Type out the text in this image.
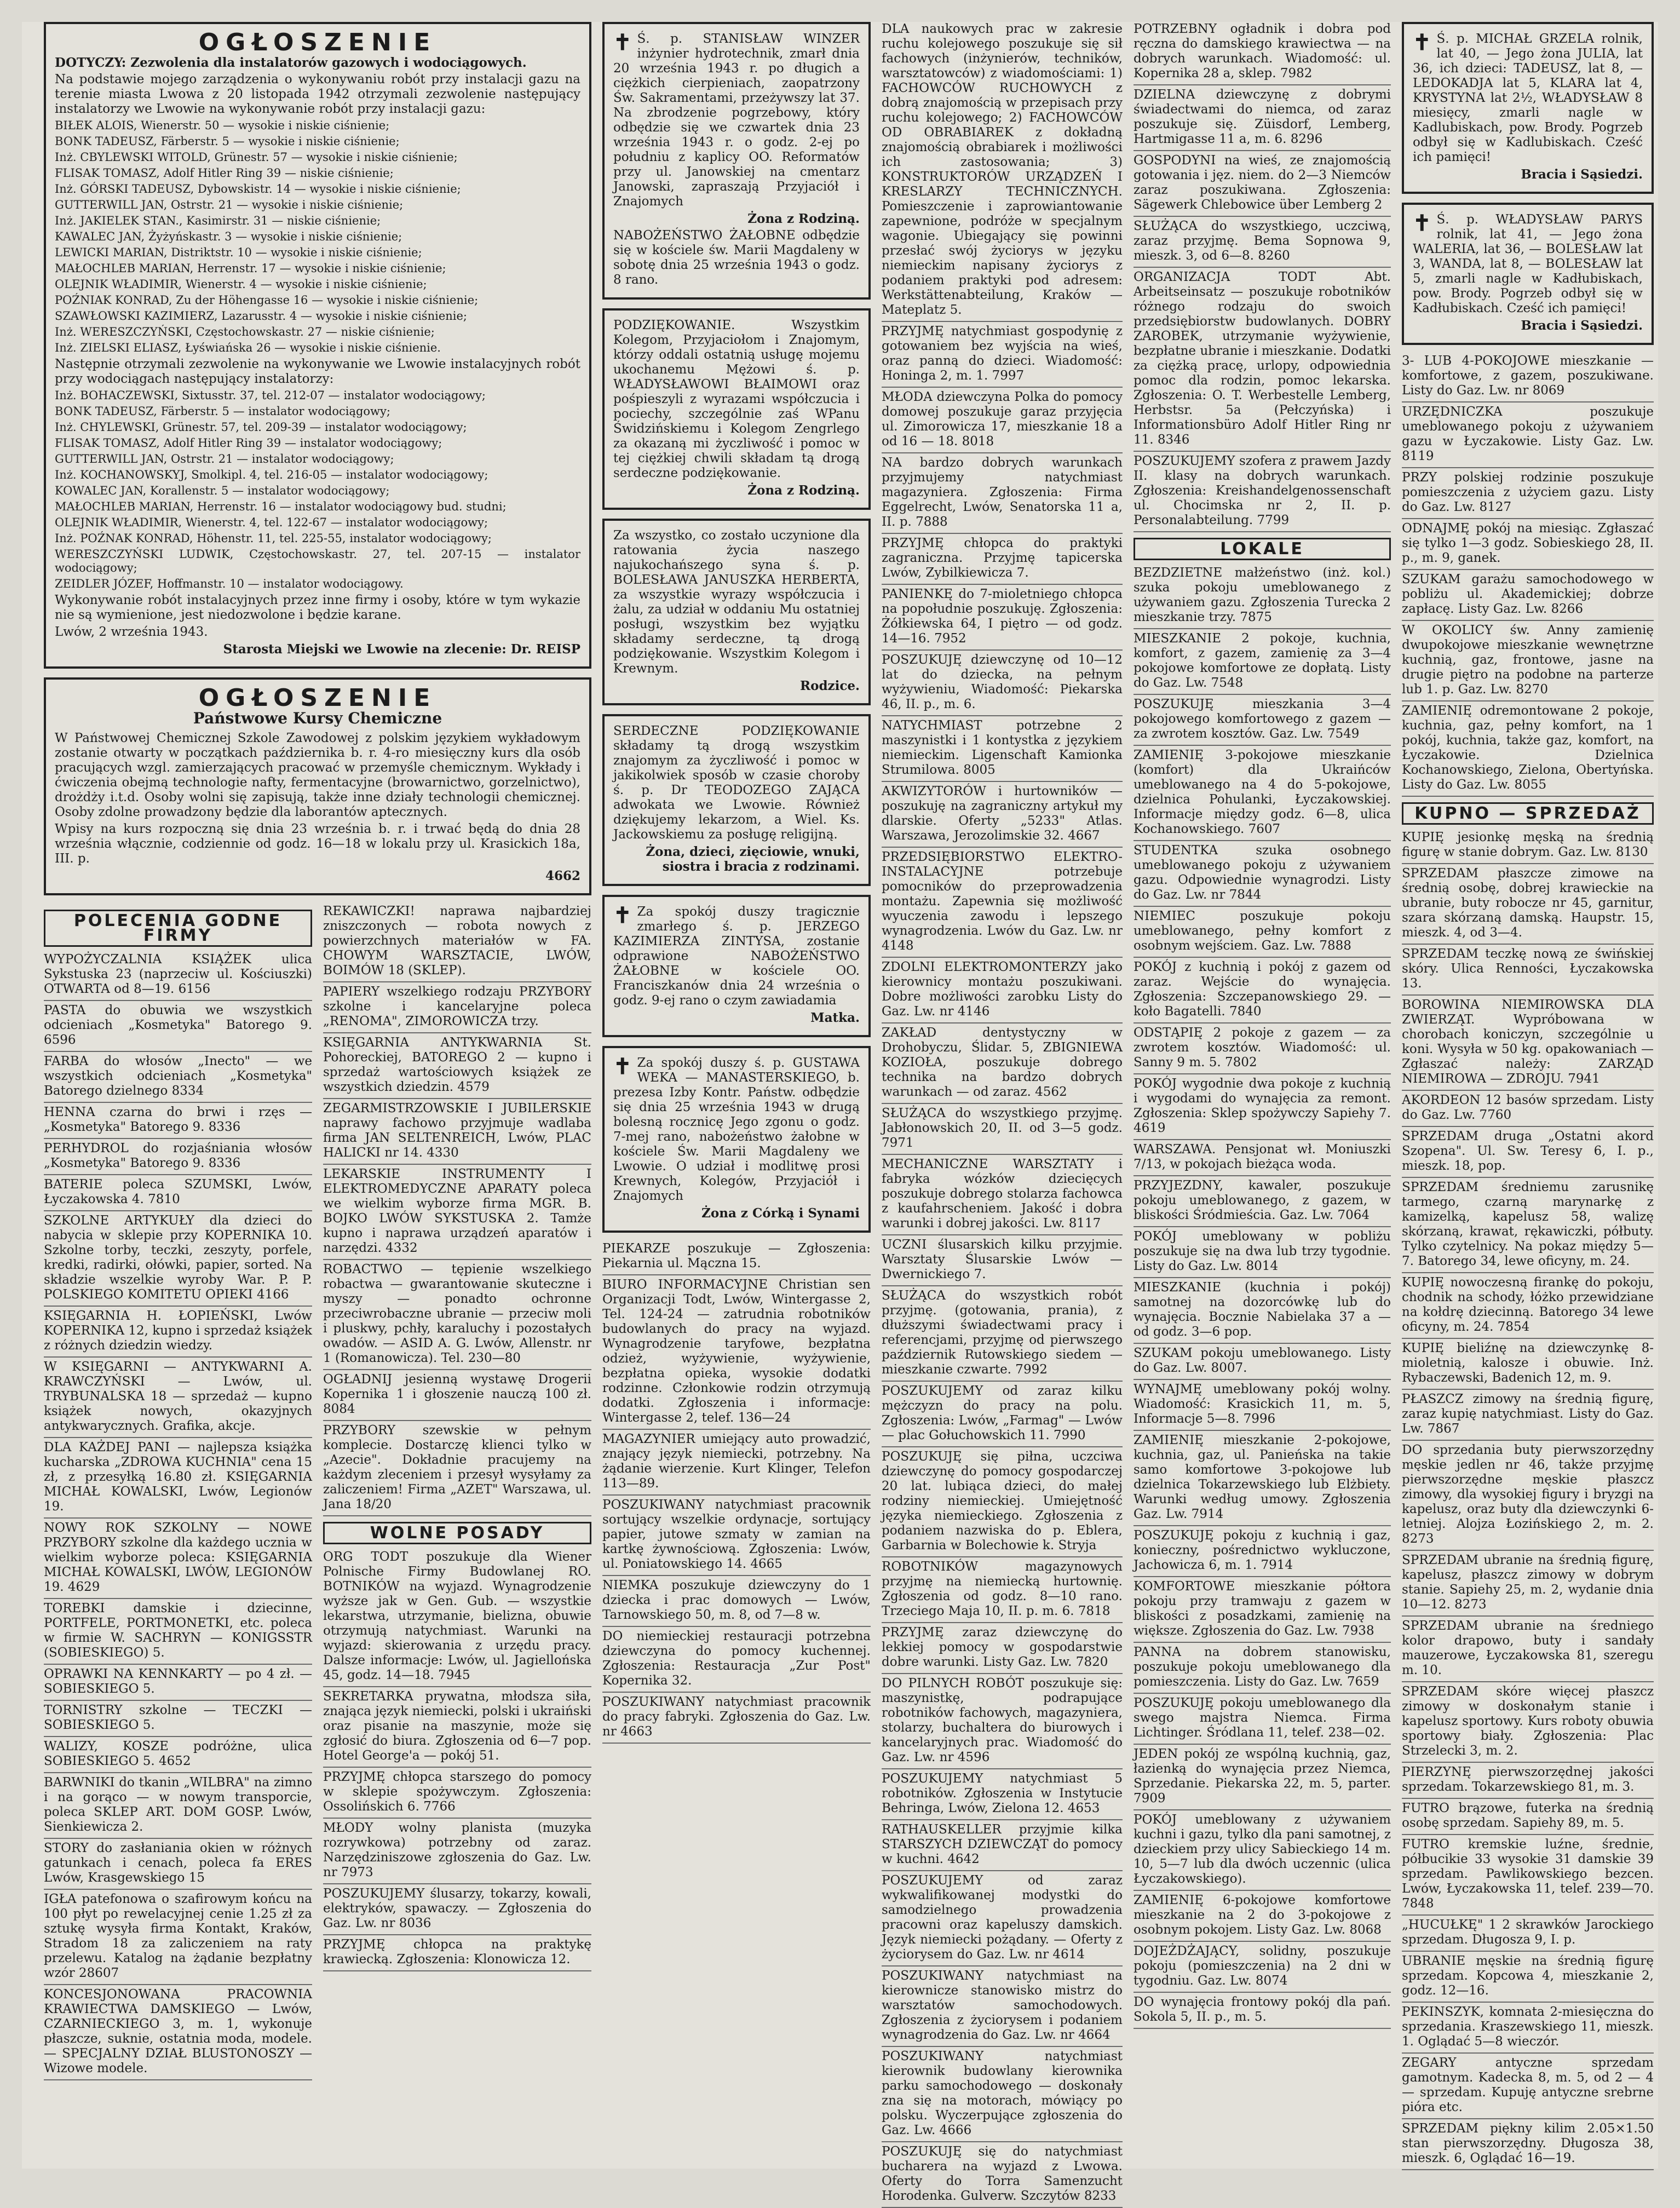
OGŁOSZENIE

DOTYCZY: Zezwolenia dla instalatorów gazowych i wodociągowych.

Na podstawie mojego zarządzenia o wykonywaniu robót przy instalacji gazu na terenie miasta Lwowa z 20 listopada 1942 otrzymali zezwolenie następujący instalatorzy we Lwowie na wykonywanie robót przy instalacji gazu:

BIŁEK ALOIS, Wienerstr. 50 — wysokie i niskie ciśnienie;

BONK TADEUSZ, Färberstr. 5 — wysokie i niskie ciśnienie;

Inż. CBYLEWSKI WITOLD, Grünestr. 57 — wysokie i niskie ciśnienie;

FLISAK TOMASZ, Adolf Hitler Ring 39 — niskie ciśnienie;

Inż. GÓRSKI TADEUSZ, Dybowskistr. 14 — wysokie i niskie ciśnienie;

GUTTERWILL JAN, Ostrstr. 21 — wysokie i niskie ciśnienie;

Inż. JAKIELEK STAN., Kasimirstr. 31 — niskie ciśnienie;

KAWALEC JAN, Żyżyńskastr. 3 — wysokie i niskie ciśnienie;

LEWICKI MARIAN, Distriktstr. 10 — wysokie i niskie ciśnienie;

MAŁOCHLEB MARIAN, Herrenstr. 17 — wysokie i niskie ciśnienie;

OLEJNIK WŁADIMIR, Wienerstr. 4 — wysokie i niskie ciśnienie;

POŹNIAK KONRAD, Zu der Höhengasse 16 — wysokie i niskie ciśnienie;

SZAWŁOWSKI KAZIMIERZ, Lazarusstr. 4 — wysokie i niskie ciśnienie;

Inż. WERESZCZYŃSKI, Częstochowskastr. 27 — niskie ciśnienie;

Inż. ZIELSKI ELIASZ, Łyświańska 26 — wysokie i niskie ciśnienie.

Następnie otrzymali zezwolenie na wykonywanie we Lwowie instalacyjnych robót przy wodociągach następujący instalatorzy:

Inż. BOHACZEWSKI, Sixtusstr. 37, tel. 212-07 — instalator wodociągowy;

BONK TADEUSZ, Färberstr. 5 — instalator wodociągowy;

Inż. CHYLEWSKI, Grünestr. 57, tel. 209-39 — instalator wodociągowy;

FLISAK TOMASZ, Adolf Hitler Ring 39 — instalator wodociągowy;

GUTTERWILL JAN, Ostrstr. 21 — instalator wodociągowy;

Inż. KOCHANOWSKYJ, Smolkipl. 4, tel. 216-05 — instalator wodociągowy;

KOWALEC JAN, Korallenstr. 5 — instalator wodociągowy;

MAŁOCHLEB MARIAN, Herrenstr. 16 — instalator wodociągowy bud. studni;

OLEJNIK WŁADIMIR, Wienerstr. 4, tel. 122-67 — instalator wodociągowy;

Inż. POŹNAK KONRAD, Höhenstr. 11, tel. 225-55, instalator wodociągowy;

WERESZCZYŃSKI LUDWIK, Częstochowskastr. 27, tel. 207-15 — instalator wodociągowy;

ZEIDLER JÓZEF, Hoffmanstr. 10 — instalator wodociągowy.

Wykonywanie robót instalacyjnych przez inne firmy i osoby, które w tym wykazie nie są wymienione, jest niedozwolone i będzie karane.

Lwów, 2 września 1943.

Starosta Miejski we Lwowie na zlecenie: Dr. REISP

OGŁOSZENIE
Państwowe Kursy Chemiczne

W Państwowej Chemicznej Szkole Zawodowej z polskim językiem wykładowym zostanie otwarty w początkach października b. r. 4-ro miesięczny kurs dla osób pracujących wzgl. zamierzających pracować w przemyśle chemicznym. Wykłady i ćwiczenia obejmą technologie nafty, fermentacyjne (browarnictwo, gorzelnictwo), drożdży i.t.d. Osoby wolni się zapisują, także inne działy technologii chemicznej. Osoby zdolne prowadzony będzie dla laborantów aptecznych.

Wpisy na kurs rozpoczną się dnia 23 września b. r. i trwać będą do dnia 28 września włącznie, codziennie od godz. 16—18 w lokalu przy ul. Krasickich 18a, III. p.

4662

POLECENIA GODNE FIRMY

WYPOŻYCZALNIA KSIĄŻEK ulica Sykstuska 23 (naprzeciw ul. Kościuszki) OTWARTA od 8—19. 6156

PASTA do obuwia we wszystkich odcieniach „Kosmetyka" Batorego 9. 6596

FARBA do włosów „Inecto" — we wszystkich odcieniach „Kosmetyka" Batorego dzielnego 8334

HENNA czarna do brwi i rzęs — „Kosmetyka" Batorego 9. 8336

PERHYDROL do rozjaśniania włosów „Kosmetyka" Batorego 9. 8336

BATERIE poleca SZUMSKI, Lwów, Łyczakowska 4. 7810

SZKOLNE ARTYKUŁY dla dzieci do nabycia w sklepie przy KOPERNIKA 10. Szkolne torby, teczki, zeszyty, porfele, kredki, radirki, ołówki, papier, sorted. Na składzie wszelkie wyroby War. P. P. POLSKIEGO KOMITETU OPIEKI 4166

KSIĘGARNIA H. ŁOPIEŃSKI, Lwów KOPERNIKA 12, kupno i sprzedaż książek z różnych dziedzin wiedzy.

W KSIĘGARNI — ANTYKWARNI A. KRAWCZYŃSKI — Lwów, ul. TRYBUNALSKA 18 — sprzedaż — kupno książek nowych, okazyjnych antykwarycznych. Grafika, akcje.

DLA KAŻDEJ PANI — najlepsza książka kucharska „ZDROWA KUCHNIA" cena 15 zł, z przesyłką 16.80 zł. KSIĘGARNIA MICHAŁ KOWALSKI, Lwów, Legionów 19.

NOWY ROK SZKOLNY — NOWE PRZYBORY szkolne dla każdego ucznia w wielkim wyborze poleca: KSIĘGARNIA MICHAŁ KOWALSKI, LWÓW, LEGIONÓW 19. 4629

TOREBKI damskie i dziecinne, PORTFELE, PORTMONETKI, etc. poleca w firmie W. SACHRYN — KONIGSSTR (SOBIESKIEGO) 5.

OPRAWKI NA KENNKARTY — po 4 zł. — SOBIESKIEGO 5.

TORNISTRY szkolne — TECZKI — SOBIESKIEGO 5.

WALIZY, KOSZE podróżne, ulica SOBIESKIEGO 5. 4652

BARWNIKI do tkanin „WILBRA" na zimno i na gorąco — w nowym transporcie, poleca SKLEP ART. DOM GOSP. Lwów, Sienkiewicza 2.

STORY do zasłaniania okien w różnych gatunkach i cenach, poleca fa ERES Lwów, Krasgewskiego 15

IGŁA patefonowa o szafirowym końcu na 100 płyt po rewelacyjnej cenie 1.25 zł za sztukę wysyła firma Kontakt, Kraków, Stradom 18 za zaliczeniem na raty przelewu. Katalog na żądanie bezpłatny wzór 28607

KONCESJONOWANA PRACOWNIA KRAWIECTWA DAMSKIEGO — Lwów, CZARNIECKIEGO 3, m. 1, wykonuje płaszcze, suknie, ostatnia moda, modele. — SPECJALNY DZIAŁ BLUSTONOSZY — Wizowe modele.

REKAWICZKI! naprawa najbardziej zniszczonych — robota nowych z powierzchnych materiałów w FA. CHOWYM WARSZTACIE, LWÓW, BOIMÓW 18 (SKLEP).

PAPIERY wszelkiego rodzaju PRZYBORY szkolne i kancelaryjne poleca „RENOMA", ZIMOROWICZA trzy.

KSIĘGARNIA ANTYKWARNIA St. Pohoreckiej, BATOREGO 2 — kupno i sprzedaż wartościowych książek ze wszystkich dziedzin. 4579

ZEGARMISTRZOWSKIE I JUBILERSKIE naprawy fachowo przyjmuje wadlaba firma JAN SELTENREICH, Lwów, PLAC HALICKI nr 14. 4330

LEKARSKIE INSTRUMENTY I ELEKTROMEDYCZNE APARATY poleca we wielkim wyborze firma MGR. B. BOJKO LWÓW SYKSTUSKA 2. Tamże kupno i naprawa urządzeń aparatów i narzędzi. 4332

ROBACTWO — tępienie wszelkiego robactwa — gwarantowanie skuteczne i myszy — ponadto ochronne przeciwrobaczne ubranie — przeciw moli i pluskwy, pchły, karaluchy i pozostałych owadów. — ASID A. G. Lwów, Allenstr. nr 1 (Romanowicza). Tel. 230—80

OGŁADNIJ jesienną wystawę Drogerii Kopernika 1 i głoszenie nauczą 100 zł. 8084

PRZYBORY szewskie w pełnym komplecie. Dostarczę klienci tylko w „Azecie". Dokładnie pracujemy na każdym zleceniem i przesył wysyłamy za zaliczeniem! Firma „AZET" Warszawa, ul. Jana 18/20

WOLNE POSADY

ORG TODT poszukuje dla Wiener Polnische Firmy Budowlanej RO. BOTNIKÓW na wyjazd. Wynagrodzenie wyższe jak w Gen. Gub. — wszystkie lekarstwa, utrzymanie, bielizna, obuwie otrzymują natychmiast. Warunki na wyjazd: skierowania z urzędu pracy. Dalsze informacje: Lwów, ul. Jagiellońska 45, godz. 14—18. 7945

SEKRETARKA prywatna, młodsza siła, znająca język niemiecki, polski i ukraiński oraz pisanie na maszynie, może się zgłosić do biura. Zgłoszenia od 6—7 pop. Hotel George'a — pokój 51.

PRZYJMĘ chłopca starszego do pomocy w sklepie spożywczym. Zgłoszenia: Ossolińskich 6. 7766

MŁODY wolny planista (muzyka rozrywkowa) potrzebny od zaraz. Narzędziniszowe zgłoszenia do Gaz. Lw. nr 7973

POSZUKUJEMY ślusarzy, tokarzy, kowali, elektryków, spawaczy. — Zgłoszenia do Gaz. Lw. nr 8036

PRZYJMĘ chłopca na praktykę krawiecką. Zgłoszenia: Klonowicza 12.

✝ Ś. p. STANISŁAW WINZER inżynier hydrotechnik, zmarł dnia 20 września 1943 r. po długich a ciężkich cierpieniach, zaopatrzony Św. Sakramentami, przeżywszy lat 37. Na zbrodzenie pogrzebowy, który odbędzie się we czwartek dnia 23 września 1943 r. o godz. 2-ej po południu z kaplicy OO. Reformatów przy ul. Janowskiej na cmentarz Janowski, zapraszają Przyjaciół i Znajomych

Żona z Rodziną.

NABOŻEŃSTWO ŻAŁOBNE odbędzie się w kościele św. Marii Magdaleny w sobotę dnia 25 września 1943 o godz. 8 rano.

PODZIĘKOWANIE. Wszystkim Kolegom, Przyjaciołom i Znajomym, którzy oddali ostatnią usługę mojemu ukochanemu Mężowi ś. p. WŁADYSŁAWOWI BŁAIMOWI oraz pośpieszyli z wyrazami współczucia i pociechy, szczególnie zaś WPanu Świdzińskiemu i Kolegom Zengrlego za okazaną mi życzliwość i pomoc w tej ciężkiej chwili składam tą drogą serdeczne podziękowanie.

Żona z Rodziną.

Za wszystko, co zostało uczynione dla ratowania życia naszego najukochańszego syna ś. p. BOLESŁAWA JANUSZKA HERBERTA, za wszystkie wyrazy współczucia i żalu, za udział w oddaniu Mu ostatniej posługi, wszystkim bez wyjątku składamy serdeczne, tą drogą podziękowanie. Wszystkim Kolegom i Krewnym.

Rodzice.

SERDECZNE PODZIĘKOWANIE składamy tą drogą wszystkim znajomym za życzliwość i pomoc w jakikolwiek sposób w czasie choroby ś. p. Dr TEODOZEGO ZAJĄCA adwokata we Lwowie. Również dziękujemy lekarzom, a Wiel. Ks. Jackowskiemu za posługę religijną.

Żona, dzieci, zięciowie, wnuki, siostra i bracia z rodzinami.

✝ Za spokój duszy tragicznie zmarłego ś. p. JERZEGO KAZIMIERZA ZINTYSA, zostanie odprawione NABOŻEŃSTWO ŻAŁOBNE w kościele OO. Franciszkanów dnia 24 września o godz. 9-ej rano o czym zawiadamia

Matka.

✝ Za spokój duszy ś. p. GUSTAWA WEKA — MANASTERSKIEGO, b. prezesa Izby Kontr. Państw. odbędzie się dnia 25 września 1943 w drugą bolesną rocznicę Jego zgonu o godz. 7-mej rano, nabożeństwo żałobne w kościele Św. Marii Magdaleny we Lwowie. O udział i modlitwę prosi Krewnych, Kolegów, Przyjaciół i Znajomych

Żona z Córką i Synami

PIEKARZE poszukuje — Zgłoszenia: Piekarnia ul. Mączna 15.

BIURO INFORMACYJNE Christian sen Organizacji Todt, Lwów, Wintergasse 2, Tel. 124-24 — zatrudnia robotników budowlanych do pracy na wyjazd. Wynagrodzenie taryfowe, bezpłatna odzież, wyżywienie, wyżywienie, bezpłatna opieka, wysokie dodatki rodzinne. Członkowie rodzin otrzymują dodatki. Zgłoszenia i informacje: Wintergasse 2, telef. 136—24

MAGAZYNIER umiejący auto prowadzić, znający język niemiecki, potrzebny. Na żądanie wierzenie. Kurt Klinger, Telefon 113—89.

POSZUKIWANY natychmiast pracownik sortujący wszelkie ordynacje, sortujący papier, jutowe szmaty w zamian na kartkę żywnościową. Zgłoszenia: Lwów, ul. Poniatowskiego 14. 4665

NIEMKA poszukuje dziewczyny do 1 dziecka i prac domowych — Lwów, Tarnowskiego 50, m. 8, od 7—8 w.

DO niemieckiej restauracji potrzebna dziewczyna do pomocy kuchennej. Zgłoszenia: Restauracja „Zur Post" Kopernika 32.

POSZUKIWANY natychmiast pracownik do pracy fabryki. Zgłoszenia do Gaz. Lw. nr 4663

DLA naukowych prac w zakresie ruchu kolejowego poszukuje się sił fachowych (inżynierów, techników, warsztatowców) z wiadomościami: 1) FACHOWCÓW RUCHOWYCH z dobrą znajomością w przepisach przy ruchu kolejowego; 2) FACHOWCÓW OD OBRABIAREK z dokładną znajomością obrabiarek i możliwości ich zastosowania; 3) KONSTRUKTORÓW URZĄDZEŃ I KRESLARZY TECHNICZNYCH. Pomieszczenie i zaprowiantowanie zapewnione, podróże w specjalnym wagonie. Ubiegający się powinni przesłać swój życiorys w języku niemieckim napisany życiorys z podaniem praktyki pod adresem: Werkstättenabteilung, Kraków — Mateplatz 5.

PRZYJMĘ natychmiast gospodynię z gotowaniem bez wyjścia na wieś, oraz panną do dzieci. Wiadomość: Honinga 2, m. 1. 7997

MŁODA dziewczyna Polka do pomocy domowej poszukuje garaz przyjęcia ul. Zimorowicza 17, mieszkanie 18 a od 16 — 18. 8018

NA bardzo dobrych warunkach przyjmujemy natychmiast magazyniera. Zgłoszenia: Firma Eggelrecht, Lwów, Senatorska 11 a, II. p. 7888

PRZYJMĘ chłopca do praktyki zagraniczna. Przyjmę tapicerska Lwów, Zybilkiewicza 7.

PANIENKĘ do 7-mioletniego chłopca na popołudnie poszukuję. Zgłoszenia: Żółkiewska 64, I piętro — od godz. 14—16. 7952

POSZUKUJĘ dziewczynę od 10—12 lat do dziecka, na pełnym wyżywieniu, Wiadomość: Piekarska 46, II. p., m. 6.

NATYCHMIAST potrzebne 2 maszynistki i 1 kontystka z językiem niemieckim. Ligenschaft Kamionka Strumilowa. 8005

AKWIZYTORÓW i hurtowników — poszukuję na zagraniczny artykuł my dlarskie. Oferty „5233" Atlas. Warszawa, Jerozolimskie 32. 4667

PRZEDSIĘBIORSTWO ELEKTRO-INSTALACYJNE potrzebuje pomocników do przeprowadzenia montażu. Zapewnia się możliwość wyuczenia zawodu i lepszego wynagrodzenia. Lwów du Gaz. Lw. nr 4148

ZDOLNI ELEKTROMONTERZY jako kierownicy montażu poszukiwani. Dobre możliwości zarobku Listy do Gaz. Lw. nr 4146

ZAKŁAD dentystyczny w Drohobyczu, Ślidar. 5, ZBIGNIEWA KOZIOŁA, poszukuje dobrego technika na bardzo dobrych warunkach — od zaraz. 4562

SŁUŻĄCA do wszystkiego przyjmę. Jabłonowskich 20, II. od 3—5 godz. 7971

MECHANICZNE WARSZTATY i fabryka wózków dziecięcych poszukuje dobrego stolarza fachowca z kaufahrscheniem. Jakość i dobra warunki i dobrej jakości. Lw. 8117

UCZNI ślusarskich kilku przyjmie. Warsztaty Ślusarskie Lwów — Dwernickiego 7.

SŁUŻĄCA do wszystkich robót przyjmę. (gotowania, prania), z dłuższymi świadectwami pracy i referencjami, przyjmę od pierwszego październik Rutowskiego siedem — mieszkanie czwarte. 7992

POSZUKUJEMY od zaraz kilku mężczyzn do pracy na polu. Zgłoszenia: Lwów, „Farmag" — Lwów — plac Gołuchowskich 11. 7990

POSZUKUJĘ się piłna, uczciwa dziewczynę do pomocy gospodarczej 20 lat. lubiąca dzieci, do małej rodziny niemieckiej. Umiejętność języka niemieckiego. Zgłoszenia z podaniem nazwiska do p. Eblera, Garbarnia w Bolechowie k. Stryja

ROBOTNIKÓW magazynowych przyjmę na niemiecką hurtownię. Zgłoszenia od godz. 8—10 rano. Trzeciego Maja 10, II. p. m. 6. 7818

PRZYJMĘ zaraz dziewczynę do lekkiej pomocy w gospodarstwie dobre warunki. Listy Gaz. Lw. 7820

DO PILNYCH ROBÓT poszukuje się: maszynistkę, podrapujące robotników fachowych, magazyniera, stolarzy, buchaltera do biurowych i kancelaryjnych prac. Wiadomość do Gaz. Lw. nr 4596

POSZUKUJEMY natychmiast 5 robotników. Zgłoszenia w Instytucie Behringa, Lwów, Zielona 12. 4653

RATHAUSKELLER przyjmie kilka STARSZYCH DZIEWCZĄT do pomocy w kuchni. 4642

POSZUKUJEMY od zaraz wykwalifikowanej modystki do samodzielnego prowadzenia pracowni oraz kapeluszy damskich. Język niemiecki pożądany. — Oferty z życiorysem do Gaz. Lw. nr 4614

POSZUKIWANY natychmiast na kierownicze stanowisko mistrz do warsztatów samochodowych. Zgłoszenia z życiorysem i podaniem wynagrodzenia do Gaz. Lw. nr 4664

POSZUKIWANY natychmiast kierownik budowlany kierownika parku samochodowego — doskonały zna się na motorach, mówiący po polsku. Wyczerpujące zgłoszenia do Gaz. Lw. 4666

POSZUKUJĘ się do natychmiast bucharera na wyjazd z Lwowa. Oferty do Torra Samenzucht Horodenka. Gulverw. Szczytów 8233

POTRZEBNY ogładnik i dobra pod ręczna do damskiego krawiectwa — na dobrych warunkach. Wiadomość: ul. Kopernika 28 a, sklep. 7982

DZIELNA dziewczynę z dobrymi świadectwami do niemca, od zaraz poszukuje się. Züisdorf, Lemberg, Hartmigasse 11 a, m. 6. 8296

GOSPODYNI na wieś, ze znajomością gotowania i jęz. niem. do 2—3 Niemców zaraz poszukiwana. Zgłoszenia: Sägewerk Chlebowice über Lemberg 2

SŁUŻĄCA do wszystkiego, uczciwą, zaraz przyjmę. Bema Sopnowa 9, mieszk. 3, od 6—8. 8260

ORGANIZACJA TODT Abt. Arbeitseinsatz — poszukuje robotników różnego rodzaju do swoich przedsiębiorstw budowlanych. DOBRY ZAROBEK, utrzymanie wyżywienie, bezpłatne ubranie i mieszkanie. Dodatki za ciężką pracę, urlopy, odpowiednia pomoc dla rodzin, pomoc lekarska. Zgłoszenia: O. T. Werbestelle Lemberg, Herbstsr. 5a (Pełczyńska) i Informationsbüro Adolf Hitler Ring nr 11. 8346

POSZUKUJEMY szofera z prawem Jazdy II. klasy na dobrych warunkach. Zgłoszenia: Kreishandelgenossenschaft ul. Chocimska nr 2, II. p. Personalabteilung. 7799

LOKALE

BEZDZIETNE małżeństwo (inż. kol.) szuka pokoju umeblowanego z używaniem gazu. Zgłoszenia Turecka 2 mieszkanie trzy. 7875

MIESZKANIE 2 pokoje, kuchnia, komfort, z gazem, zamienię za 3—4 pokojowe komfortowe ze dopłatą. Listy do Gaz. Lw. 7548

POSZUKUJĘ mieszkania 3—4 pokojowego komfortowego z gazem — za zwrotem kosztów. Gaz. Lw. 7549

ZAMIENIĘ 3-pokojowe mieszkanie (komfort) dla Ukraińców umeblowanego na 4 do 5-pokojowe, dzielnica Pohulanki, Łyczakowskiej. Informacje między godz. 6—8, ulica Kochanowskiego. 7607

STUDENTKA szuka osobnego umeblowanego pokoju z używaniem gazu. Odpowiednie wynagrodzi. Listy do Gaz. Lw. nr 7844

NIEMIEC poszukuje pokoju umeblowanego, pełny komfort z osobnym wejściem. Gaz. Lw. 7888

POKÓJ z kuchnią i pokój z gazem od zaraz. Wejście do wynajęcia. Zgłoszenia: Szczepanowskiego 29. — koło Bagatelli. 7840

ODSTĄPIĘ 2 pokoje z gazem — za zwrotem kosztów. Wiadomość: ul. Sanny 9 m. 5. 7802

POKÓJ wygodnie dwa pokoje z kuchnią i wygodami do wynajęcia za remont. Zgłoszenia: Sklep spożywczy Sapiehy 7. 4619

WARSZAWA. Pensjonat wł. Moniuszki 7/13, w pokojach bieżąca woda.

PRZYJEZDNY, kawaler, poszukuje pokoju umeblowanego, z gazem, w bliskości Śródmieścia. Gaz. Lw. 7064

POKÓJ umeblowany w pobliżu poszukuje się na dwa lub trzy tygodnie. Listy do Gaz. Lw. 8014

MIESZKANIE (kuchnia i pokój) samotnej na dozorcówkę lub do wynajęcia. Bocznie Nabielaka 37 a — od godz. 3—6 pop.

SZUKAM pokoju umeblowanego. Listy do Gaz. Lw. 8007.

WYNAJMĘ umeblowany pokój wolny. Wiadomość: Krasickich 11, m. 5, Informacje 5—8. 7996

ZAMIENIĘ mieszkanie 2-pokojowe, kuchnia, gaz, ul. Panieńska na takie samo komfortowe 3-pokojowe lub dzielnica Tokarzewskiego lub Elżbiety. Warunki według umowy. Zgłoszenia Gaz. Lw. 7914

POSZUKUJĘ pokoju z kuchnią i gaz, konieczny, pośrednictwo wykluczone, Jachowicza 6, m. 1. 7914

KOMFORTOWE mieszkanie półtora pokoju przy tramwaju z gazem w bliskości z posadzkami, zamienię na większe. Zgłoszenia do Gaz. Lw. 7938

PANNA na dobrem stanowisku, poszukuje pokoju umeblowanego dla pomieszczenia. Listy do Gaz. Lw. 7659

POSZUKUJĘ pokoju umeblowanego dla swego majstra Niemca. Firma Lichtinger. Śródlana 11, telef. 238—02.

JEDEN pokój ze wspólną kuchnią, gaz, łazienką do wynajęcia przez Niemca, Sprzedanie. Piekarska 22, m. 5, parter. 7909

POKÓJ umeblowany z używaniem kuchni i gazu, tylko dla pani samotnej, z dzieckiem przy ulicy Sabieckiego 14 m. 10, 5—7 lub dla dwóch uczennic (ulica Łyczakowskiego).

ZAMIENIĘ 6-pokojowe komfortowe mieszkanie na 2 do 3-pokojowe z osobnym pokojem. Listy Gaz. Lw. 8068

DOJEŻDŻAJĄCY, solidny, poszukuje pokoju (pomieszczenia) na 2 dni w tygodniu. Gaz. Lw. 8074

DO wynajęcia frontowy pokój dla pań. Sokola 5, II. p., m. 5.

✝ Ś. p. MICHAŁ GRZELA rolnik, lat 40, — Jego żona JULIA, lat 36, ich dzieci: TADEUSZ, lat 8, — LEDOKADJA lat 5, KLARA lat 4, KRYSTYNA lat 2½, WŁADYSŁAW 8 miesięcy, zmarli nagle w Kadlubiskach, pow. Brody. Pogrzeb odbył się w Kadlubiskach. Cześć ich pamięci!

Bracia i Sąsiedzi.

✝ Ś. p. WŁADYSŁAW PARYS rolnik, lat 41, — Jego żona WALERIA, lat 36, — BOLESŁAW lat 3, WANDA, lat 8, — BOLESŁAW lat 5, zmarli nagle w Kadłubiskach, pow. Brody. Pogrzeb odbył się w Kadłubiskach. Cześć ich pamięci!

Bracia i Sąsiedzi.

3- LUB 4-POKOJOWE mieszkanie — komfortowe, z gazem, poszukiwane. Listy do Gaz. Lw. nr 8069

URZĘDNICZKA poszukuje umeblowanego pokoju z używaniem gazu w Łyczakowie. Listy Gaz. Lw. 8119

PRZY polskiej rodzinie poszukuje pomieszczenia z użyciem gazu. Listy do Gaz. Lw. 8127

ODNAJMĘ pokój na miesiąc. Zgłaszać się tylko 1—3 godz. Sobieskiego 28, II. p., m. 9, ganek.

SZUKAM garażu samochodowego w pobliżu ul. Akademickiej; dobrze zapłacę. Listy Gaz. Lw. 8266

W OKOLICY św. Anny zamienię dwupokojowe mieszkanie wewnętrzne kuchnią, gaz, frontowe, jasne na drugie piętro na podobne na parterze lub 1. p. Gaz. Lw. 8270

ZAMIENIĘ odremontowane 2 pokoje, kuchnia, gaz, pełny komfort, na 1 pokój, kuchnia, także gaz, komfort, na Łyczakowie. Dzielnica Kochanowskiego, Zielona, Obertyńska. Listy do Gaz. Lw. 8055

KUPNO — SPRZEDAŻ

KUPIĘ jesionkę męską na średnią figurę w stanie dobrym. Gaz. Lw. 8130

SPRZEDAM płaszcze zimowe na średnią osobę, dobrej krawieckie na ubranie, buty robocze nr 45, garnitur, szara skórzaną damską. Haupstr. 15, mieszk. 4, od 3—4.

SPRZEDAM teczkę nową ze świńskiej skóry. Ulica Renności, Łyczakowska 13.

BOROWINA NIEMIROWSKA DLA ZWIERZĄT. Wypróbowana w chorobach koniczyn, szczególnie u koni. Wysyła w 50 kg. opakowaniach — Zgłaszać należy: ZARZĄD NIEMIROWA — ZDROJU. 7941

AKORDEON 12 basów sprzedam. Listy do Gaz. Lw. 7760

SPRZEDAM druga „Ostatni akord Szopena". Ul. Sw. Teresy 6, I. p., mieszk. 18, pop.

SPRZEDAM średniemu zarusnikę tarmego, czarną marynarkę z kamizelką, kapelusz 58, walizę skórzaną, krawat, rękawiczki, półbuty. Tylko czytelnicy. Na pokaz między 5—7. Batorego 34, lewe oficyny, m. 24.

KUPIĘ nowoczesną firankę do pokoju, chodnik na schody, łóżko przewidziane na kołdrę dziecinną. Batorego 34 lewe oficyny, m. 24. 7854

KUPIĘ bieliźnę na dziewczynkę 8-mioletnią, kalosze i obuwie. Inż. Rybaczewski, Badenich 12, m. 9.

PŁASZCZ zimowy na średnią figurę, zaraz kupię natychmiast. Listy do Gaz. Lw. 7867

DO sprzedania buty pierwszorzędny męskie jedlen nr 46, także przyjmę pierwszorzędne męskie płaszcz zimowy, dla wysokiej figury i bryzgi na kapelusz, oraz buty dla dziewczynki 6-letniej. Alojza Łozińskiego 2, m. 2. 8273

SPRZEDAM ubranie na średnią figurę, kapelusz, płaszcz zimowy w dobrym stanie. Sapiehy 25, m. 2, wydanie dnia 10—12. 8273

SPRZEDAM ubranie na średniego kolor drapowo, buty i sandały mauzerowe, Łyczakowska 81, szeregu m. 10.

SPRZEDAM skóre więcej płaszcz zimowy w doskonałym stanie i kapelusz sportowy. Kurs roboty obuwia sportowy biały. Zgłoszenia: Plac Strzelecki 3, m. 2.

PIERZYNĘ pierwszorzędnej jakości sprzedam. Tokarzewskiego 81, m. 3.

FUTRO brązowe, futerka na średnią osobę sprzedam. Sapiehy 89, m. 5.

FUTRO kremskie luźne, średnie, półbucikie 33 wysokie 31 damskie 39 sprzedam. Pawlikowskiego bezcen. Lwów, Łyczakowska 11, telef. 239—70. 7848

„HUCUŁKĘ" 1 2 skrawków Jarockiego sprzedam. Długosza 9, I. p.

UBRANIE męskie na średnią figurę sprzedam. Kopcowa 4, mieszkanie 2, godz. 12—16.

PEKINSZYK, komnata 2-miesięczna do sprzedania. Kraszewskiego 11, mieszk. 1. Oglądać 5—8 wieczór.

ZEGARY antyczne sprzedam gamotnym. Kadecka 8, m. 5, od 2 — 4 — sprzedam. Kupuję antyczne srebrne pióra etc.

SPRZEDAM piękny kilim 2.05×1.50 stan pierwszorzędny. Długosza 38, mieszk. 6, Oglądać 16—19.
